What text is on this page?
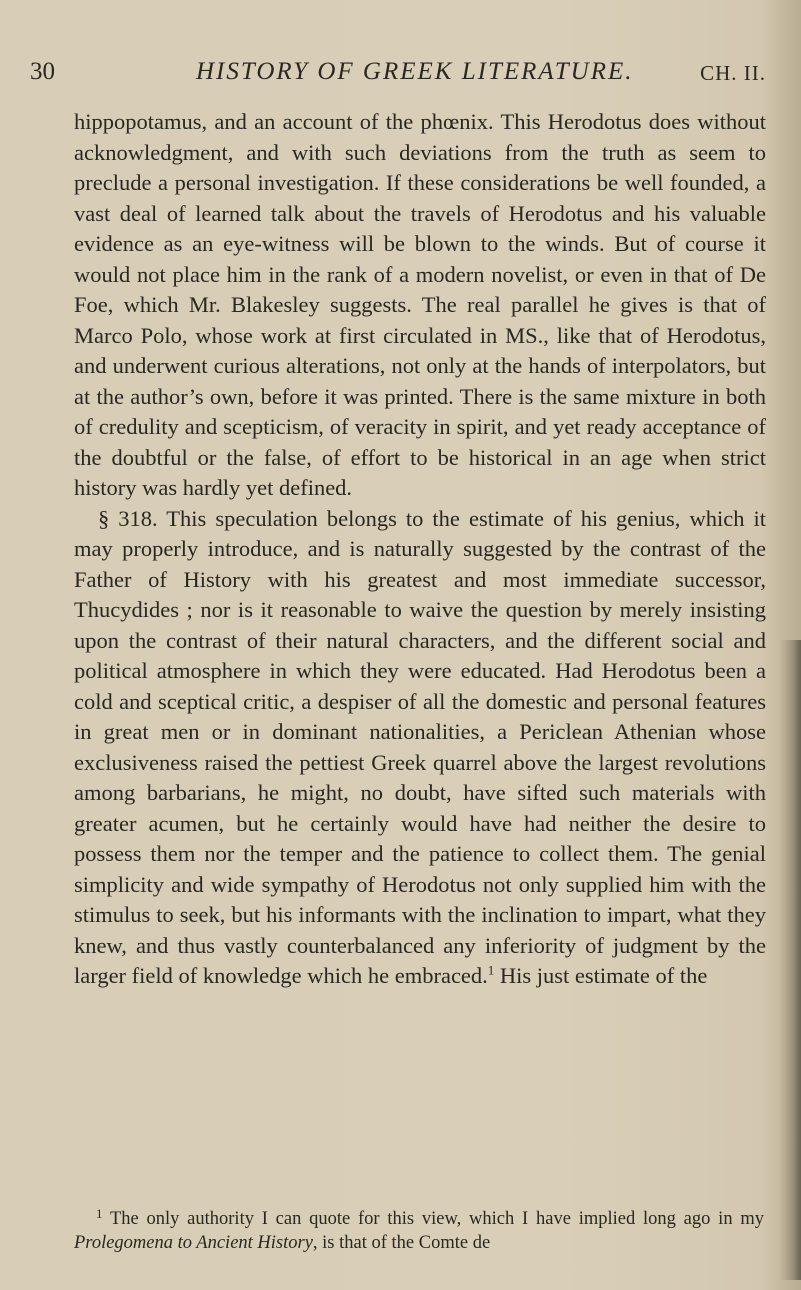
30	HISTORY OF GREEK LITERATURE.	CH. II.

hippopotamus, and an account of the phœnix. This Herodotus does without acknowledgment, and with such deviations from the truth as seem to preclude a personal investigation. If these considerations be well founded, a vast deal of learned talk about the travels of Herodotus and his valuable evidence as an eye-witness will be blown to the winds. But of course it would not place him in the rank of a modern novelist, or even in that of De Foe, which Mr. Blakesley suggests. The real parallel he gives is that of Marco Polo, whose work at first circulated in MS., like that of Herodotus, and underwent curious alterations, not only at the hands of interpolators, but at the author’s own, before it was printed. There is the same mixture in both of credulity and scepticism, of veracity in spirit, and yet ready acceptance of the doubtful or the false, of effort to be historical in an age when strict history was hardly yet defined.

§ 318. This speculation belongs to the estimate of his genius, which it may properly introduce, and is naturally suggested by the contrast of the Father of History with his greatest and most immediate successor, Thucydides ; nor is it reasonable to waive the question by merely insisting upon the contrast of their natural characters, and the different social and political atmosphere in which they were educated. Had Herodotus been a cold and sceptical critic, a despiser of all the domestic and personal features in great men or in dominant nationalities, a Periclean Athenian whose exclusiveness raised the pettiest Greek quarrel above the largest revolutions among barbarians, he might, no doubt, have sifted such materials with greater acumen, but he certainly would have had neither the desire to possess them nor the temper and the patience to collect them. The genial simplicity and wide sympathy of Herodotus not only supplied him with the stimulus to seek, but his informants with the inclination to impart, what they knew, and thus vastly counterbalanced any inferiority of judgment by the larger field of knowledge which he embraced.$^1$ His just estimate of the

$^1$ The only authority I can quote for this view, which I have implied long ago in my Prolegomena to Ancient History, is that of the Comte de
